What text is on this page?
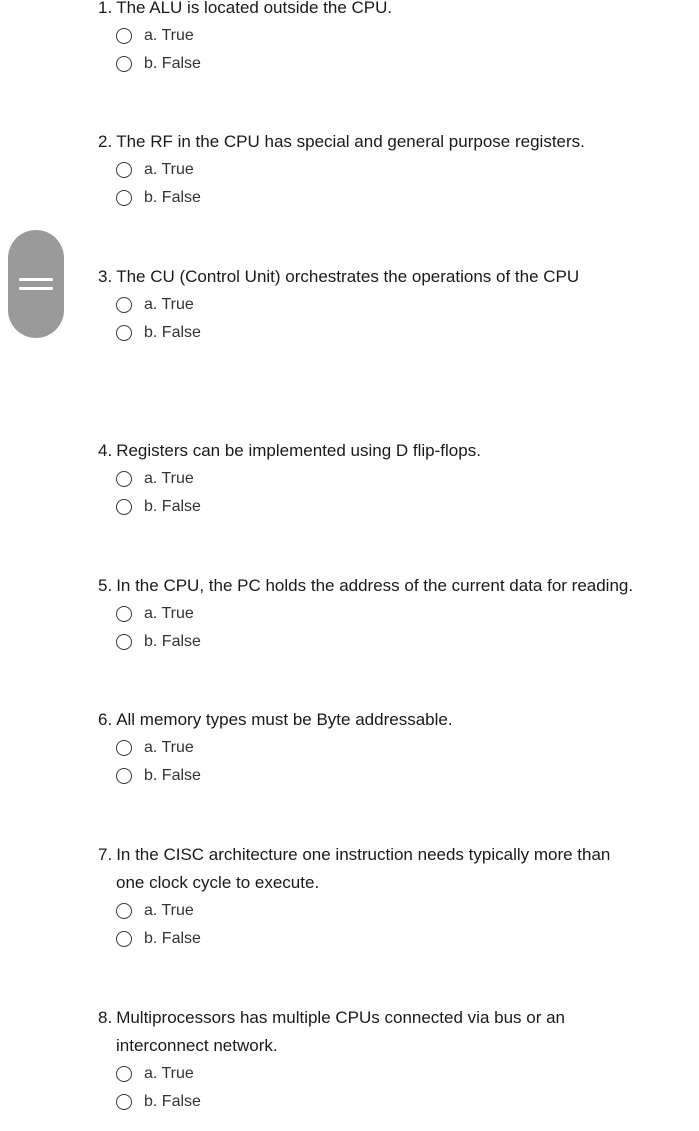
1. The ALU is located outside the CPU.

a. True
b. False

2. The RF in the CPU has special and general purpose registers.

a. True
b. False

3. The CU (Control Unit) orchestrates the operations of the CPU

a. True
b. False

4. Registers can be implemented using D flip-flops.

a. True
b. False

5. In the CPU, the PC holds the address of the current data for reading.

a. True
b. False

6. All memory types must be Byte addressable.

a. True
b. False

7. In the CISC architecture one instruction needs typically more than

one clock cycle to execute.

a. True
b. False

8. Multiprocessors has multiple CPUs connected via bus or an

interconnect network.

a. True
b. False
